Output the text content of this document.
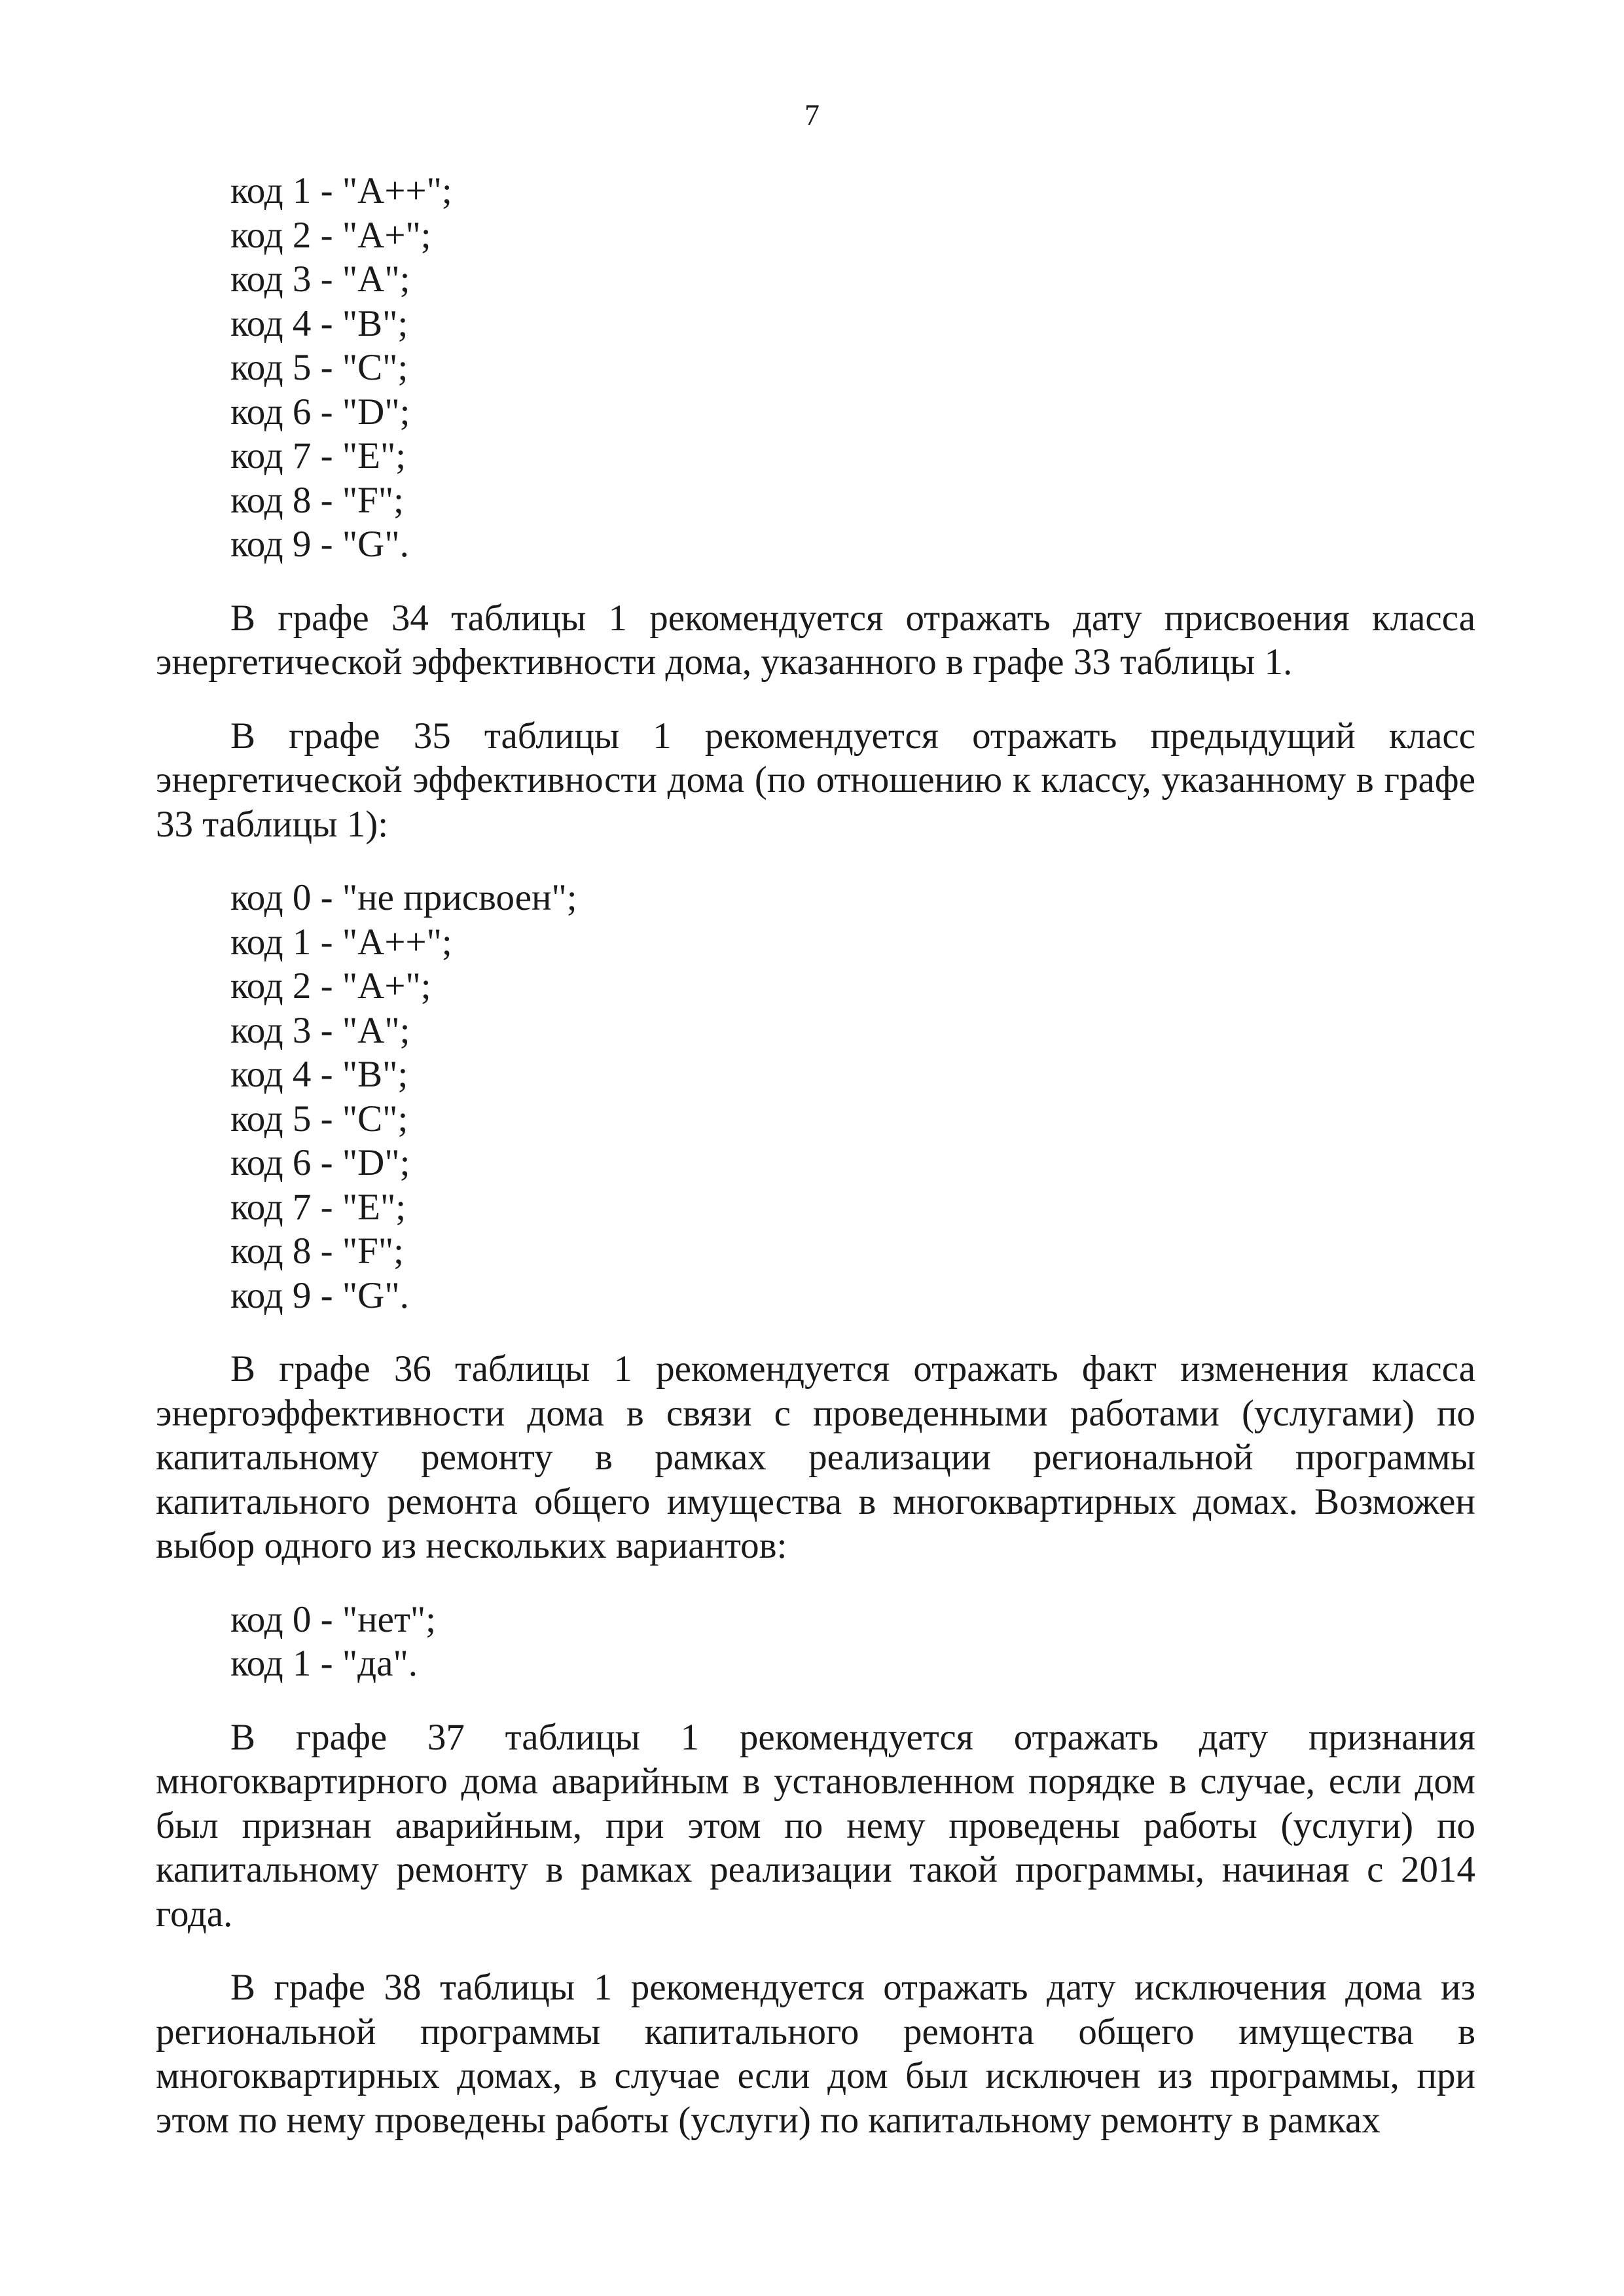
7
код 1 - "А++";
код 2 - "А+";
код 3 - "А";
код 4 - "В";
код 5 - "С";
код 6 - "D";
код 7 - "Е";
код 8 - "F";
код 9 - "G".

В графе 34 таблицы 1 рекомендуется отражать дату присвоения класса энергетической эффективности дома, указанного в графе 33 таблицы 1.

В графе 35 таблицы 1 рекомендуется отражать предыдущий класс энергетической эффективности дома (по отношению к классу, указанному в графе 33 таблицы 1):

код 0 - "не присвоен";
код 1 - "А++";
код 2 - "А+";
код 3 - "А";
код 4 - "В";
код 5 - "С";
код 6 - "D";
код 7 - "Е";
код 8 - "F";
код 9 - "G".

В графе 36 таблицы 1 рекомендуется отражать факт изменения класса энергоэффективности дома в связи с проведенными работами (услугами) по капитальному ремонту в рамках реализации региональной программы капитального ремонта общего имущества в многоквартирных домах. Возможен выбор одного из нескольких вариантов:

код 0 - "нет";
код 1 - "да".

В графе 37 таблицы 1 рекомендуется отражать дату признания многоквартирного дома аварийным в установленном порядке в случае, если дом был признан аварийным, при этом по нему проведены работы (услуги) по капитальному ремонту в рамках реализации такой программы, начиная с 2014 года.

В графе 38 таблицы 1 рекомендуется отражать дату исключения дома из региональной программы капитального ремонта общего имущества в многоквартирных домах, в случае если дом был исключен из программы, при этом по нему проведены работы (услуги) по капитальному ремонту в рамках
